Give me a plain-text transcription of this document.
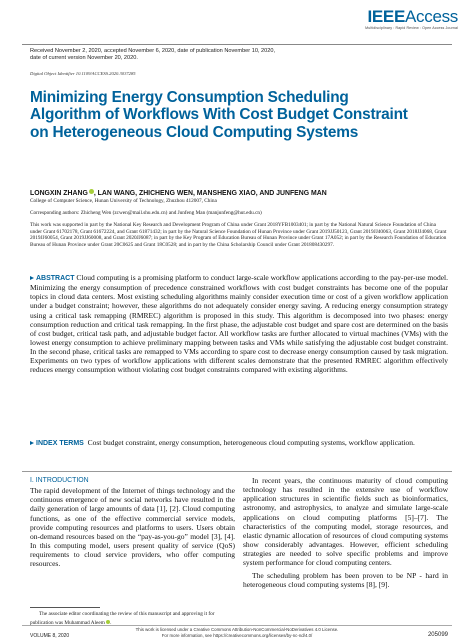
IEEEAccess
Multidisciplinary : Rapid Review : Open Access Journal
Received November 2, 2020, accepted November 6, 2020, date of publication November 10, 2020,
date of current version November 20, 2020.
Digital Object Identifier 10.1109/ACCESS.2020.3037285
Minimizing Energy Consumption Scheduling Algorithm of Workflows With Cost Budget Constraint on Heterogeneous Cloud Computing Systems
LONGXIN ZHANG , LAN WANG, ZHICHENG WEN, MANSHENG XIAO, AND JUNFENG MAN
College of Computer Science, Hunan University of Technology, Zhuzhou 412007, China
Corresponding authors: Zhicheng Wen (zcwen@mail.shu.edu.cn) and Junfeng Man (manjunfeng@hut.edu.cn)
This work was supported in part by the National Key Research and Development Program of China under Grant 2018YFB1003401; in part by the National Natural Science Foundation of China under Grant 61702178, Grant 61672224, and Grant 61871432; in part by the Natural Science Foundation of Hunan Province under Grant 2019JJ50123, Grant 2019JJ40063, Grant 2018JJ4068, Grant 2019JJ60054, Grant 2019JJ60008, and Grant 2020JJ6087; in part by the Key Program of Education Bureau of Hunan Province under Grant 17A052; in part by the Research Foundation of Education Bureau of Hunan Province under Grant 20C0625 and Grant 18C0528; and in part by the China Scholarship Council under Grant 201808430297.
ABSTRACT Cloud computing is a promising platform to conduct large-scale workflow applications according to the pay-per-use model. Minimizing the energy consumption of precedence constrained workflows with cost budget constraints has become one of the popular topics in cloud data centers. Most existing scheduling algorithms mainly consider execution time or cost of a given workflow application under a budget constraint; however, these algorithms do not adequately consider energy saving. A reducing energy consumption strategy using a critical task remapping (RMREC) algorithm is proposed in this study. This algorithm is decomposed into two phases: energy consumption reduction and critical task remapping. In the first phase, the adjustable cost budget and spare cost are determined on the basis of cost budget, critical task path, and adjustable budget factor. All workflow tasks are further allocated to virtual machines (VMs) with the lowest energy consumption to achieve preliminary mapping between tasks and VMs while satisfying the adjustable cost budget constraint. In the second phase, critical tasks are remapped to VMs according to spare cost to decrease energy consumption caused by task migration. Experiments on two types of workflow applications with different scales demonstrate that the presented RMREC algorithm effectively reduces energy consumption without violating cost budget constraints compared with existing algorithms.
INDEX TERMS Cost budget constraint, energy consumption, heterogeneous cloud computing systems, workflow application.
I. INTRODUCTION

The rapid development of the Internet of things technology and the continuous emergence of new social networks have resulted in the daily generation of large amounts of data [1], [2]. Cloud computing functions, as one of the effective commercial service models, provide computing resources and platforms to users. Users obtain on-demand resources based on the “pay-as-you-go” model [3], [4]. In this computing model, users present quality of service (QoS) requirements to cloud service providers, who offer computing resources.

In recent years, the continuous maturity of cloud computing technology has resulted in the extensive use of workflow application structures in scientific fields such as bioinformatics, astronomy, and astrophysics, to analyze and simulate large-scale applications on cloud computing platforms [5]–[7]. The characteristics of the computing model, storage resources, and elastic dynamic allocation of resources of cloud computing systems show considerably advantages. However, efficient scheduling strategies are needed to solve specific problems and improve system performance for cloud computing centers.

The scheduling problem has been proven to be NP - hard in heterogeneous cloud computing systems [8], [9].

The associate editor coordinating the review of this manuscript and approving it for publication was Muhammad Aleem .
This work is licensed under a Creative Commons Attribution-NonCommercial-NoDerivatives 4.0 License.
For more information, see https://creativecommons.org/licenses/by-nc-nd/4.0/
VOLUME 8, 2020	205099
